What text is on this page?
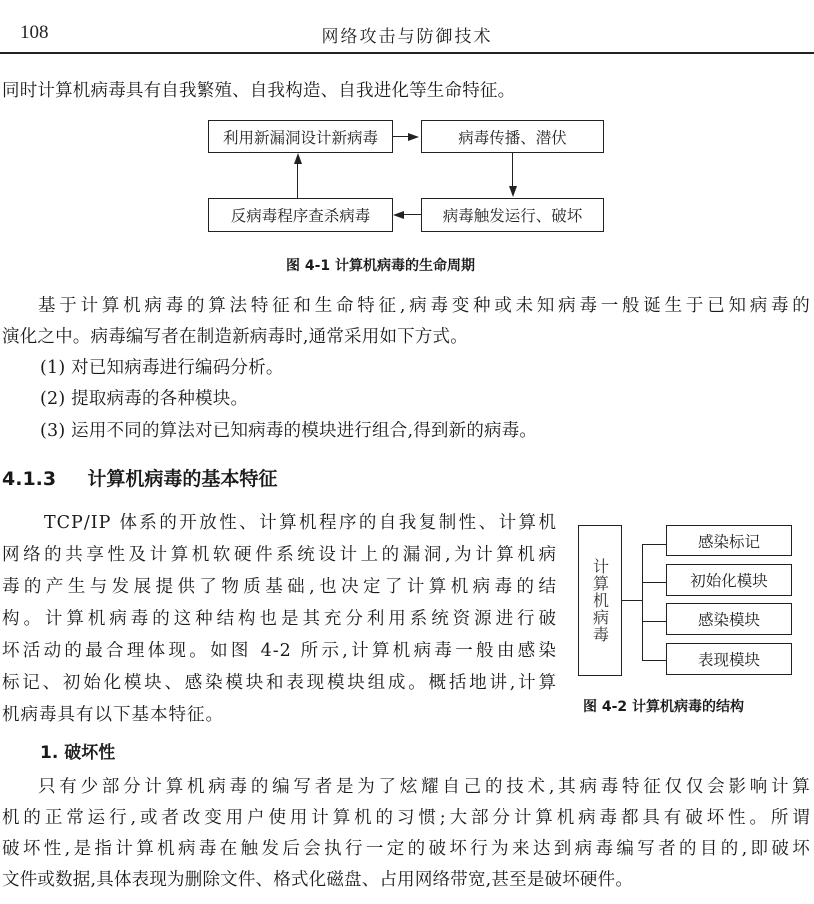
108	网络攻击与防御技术
同时计算机病毒具有自我繁殖、自我构造、自我进化等生命特征。
利用新漏洞设计新病毒	病毒传播、潜伏
病毒触发运行、破坏
反病毒程序查杀病毒
图 4-1 计算机病毒的生命周期
基于计算机病毒的算法特征和生命特征,病毒变种或未知病毒一般诞生于已知病毒的
演化之中。病毒编写者在制造新病毒时,通常采用如下方式。
(1) 对已知病毒进行编码分析。
(2) 提取病毒的各种模块。
(3) 运用不同的算法对已知病毒的模块进行组合,得到新的病毒。
4.1.3 计算机病毒的基本特征
TCP/IP 体系的开放性、计算机程序的自我复制性、计算机
网络的共享性及计算机软硬件系统设计上的漏洞,为计算机病
毒的产生与发展提供了物质基础,也决定了计算机病毒的结
构。计算机病毒的这种结构也是其充分利用系统资源进行破
坏活动的最合理体现。如图 4-2 所示,计算机病毒一般由感染
标记、初始化模块、感染模块和表现模块组成。概括地讲,计算
机病毒具有以下基本特征。
计算机病毒
感染标记
初始化模块
感染模块
表现模块
图 4-2 计算机病毒的结构
1. 破坏性
只有少部分计算机病毒的编写者是为了炫耀自己的技术,其病毒特征仅仅会影响计算
机的正常运行,或者改变用户使用计算机的习惯;大部分计算机病毒都具有破坏性。所谓
破坏性,是指计算机病毒在触发后会执行一定的破坏行为来达到病毒编写者的目的,即破坏
文件或数据,具体表现为删除文件、格式化磁盘、占用网络带宽,甚至是破坏硬件。
